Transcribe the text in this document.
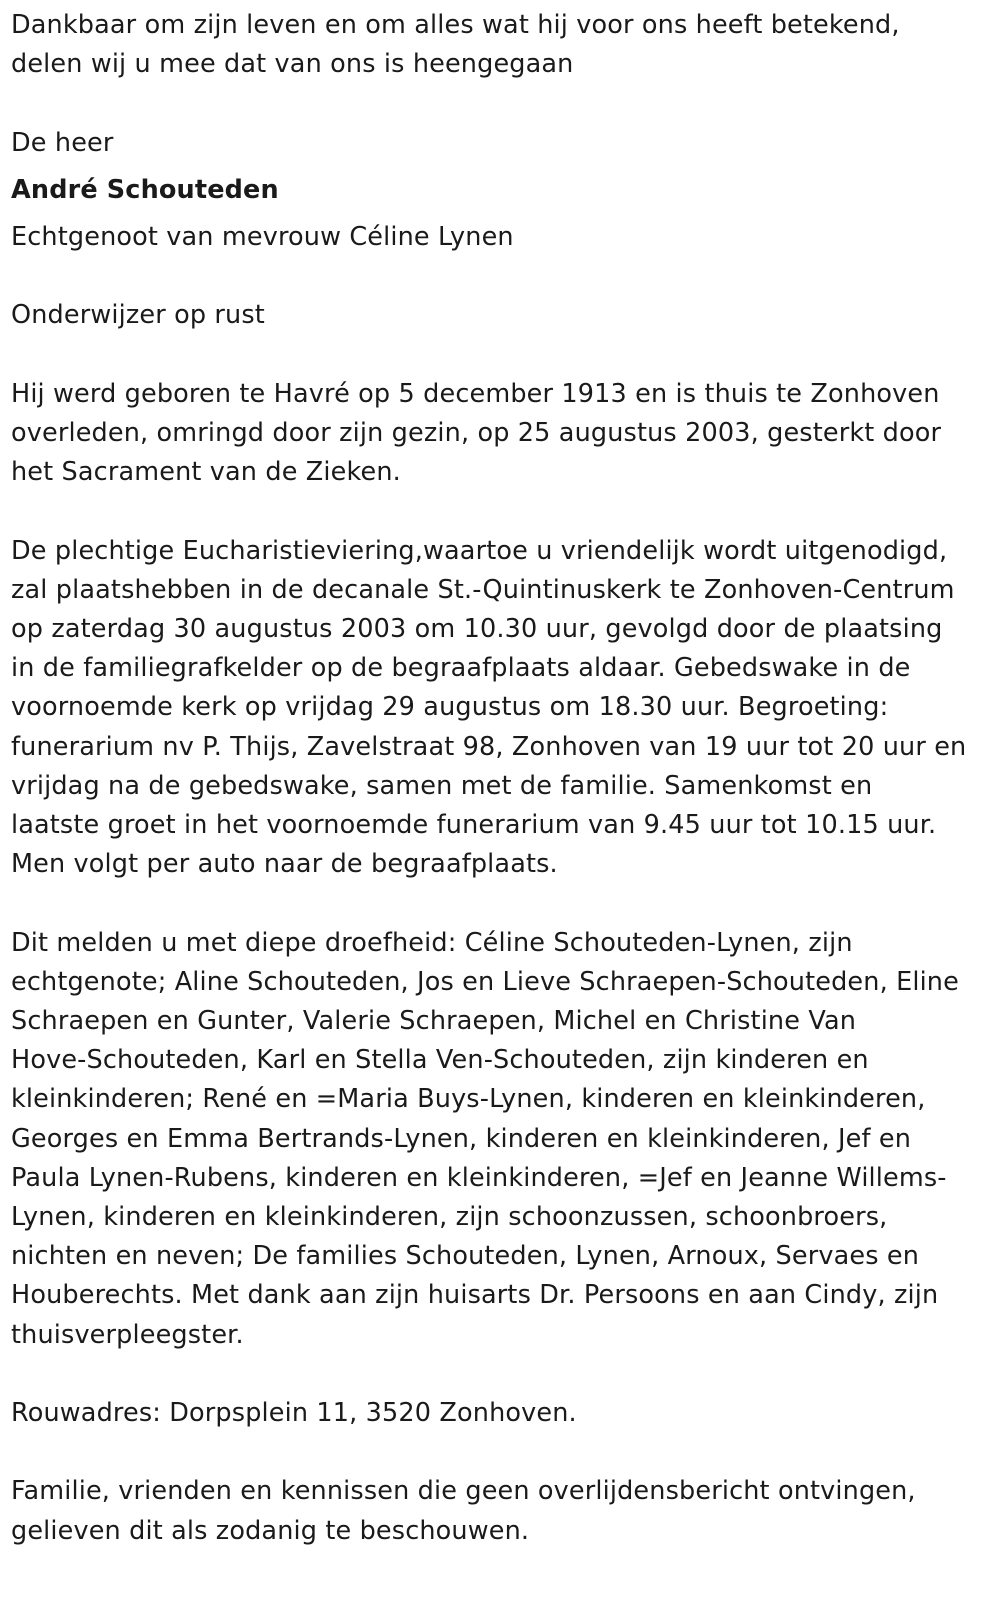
Dankbaar om zijn leven en om alles wat hij voor ons heeft betekend,

delen wij u mee dat van ons is heengegaan

De heer

André Schouteden

Echtgenoot van mevrouw Céline Lynen

Onderwijzer op rust

Hij werd geboren te Havré op 5 december 1913 en is thuis te Zonhoven

overleden, omringd door zijn gezin, op 25 augustus 2003, gesterkt door

het Sacrament van de Zieken.

De plechtige Eucharistieviering,waartoe u vriendelijk wordt uitgenodigd,

zal plaatshebben in de decanale St.-Quintinuskerk te Zonhoven-Centrum

op zaterdag 30 augustus 2003 om 10.30 uur, gevolgd door de plaatsing

in de familiegrafkelder op de begraafplaats aldaar. Gebedswake in de

voornoemde kerk op vrijdag 29 augustus om 18.30 uur. Begroeting:

funerarium nv P. Thijs, Zavelstraat 98, Zonhoven van 19 uur tot 20 uur en

vrijdag na de gebedswake, samen met de familie. Samenkomst en

laatste groet in het voornoemde funerarium van 9.45 uur tot 10.15 uur.

Men volgt per auto naar de begraafplaats.

Dit melden u met diepe droefheid: Céline Schouteden-Lynen, zijn

echtgenote; Aline Schouteden, Jos en Lieve Schraepen-Schouteden, Eline

Schraepen en Gunter, Valerie Schraepen, Michel en Christine Van

Hove-Schouteden, Karl en Stella Ven-Schouteden, zijn kinderen en

kleinkinderen; René en =Maria Buys-Lynen, kinderen en kleinkinderen,

Georges en Emma Bertrands-Lynen, kinderen en kleinkinderen, Jef en

Paula Lynen-Rubens, kinderen en kleinkinderen, =Jef en Jeanne Willems-

Lynen, kinderen en kleinkinderen, zijn schoonzussen, schoonbroers,

nichten en neven; De families Schouteden, Lynen, Arnoux, Servaes en

Houberechts. Met dank aan zijn huisarts Dr. Persoons en aan Cindy, zijn

thuisverpleegster.

Rouwadres: Dorpsplein 11, 3520 Zonhoven.

Familie, vrienden en kennissen die geen overlijdensbericht ontvingen,

gelieven dit als zodanig te beschouwen.
